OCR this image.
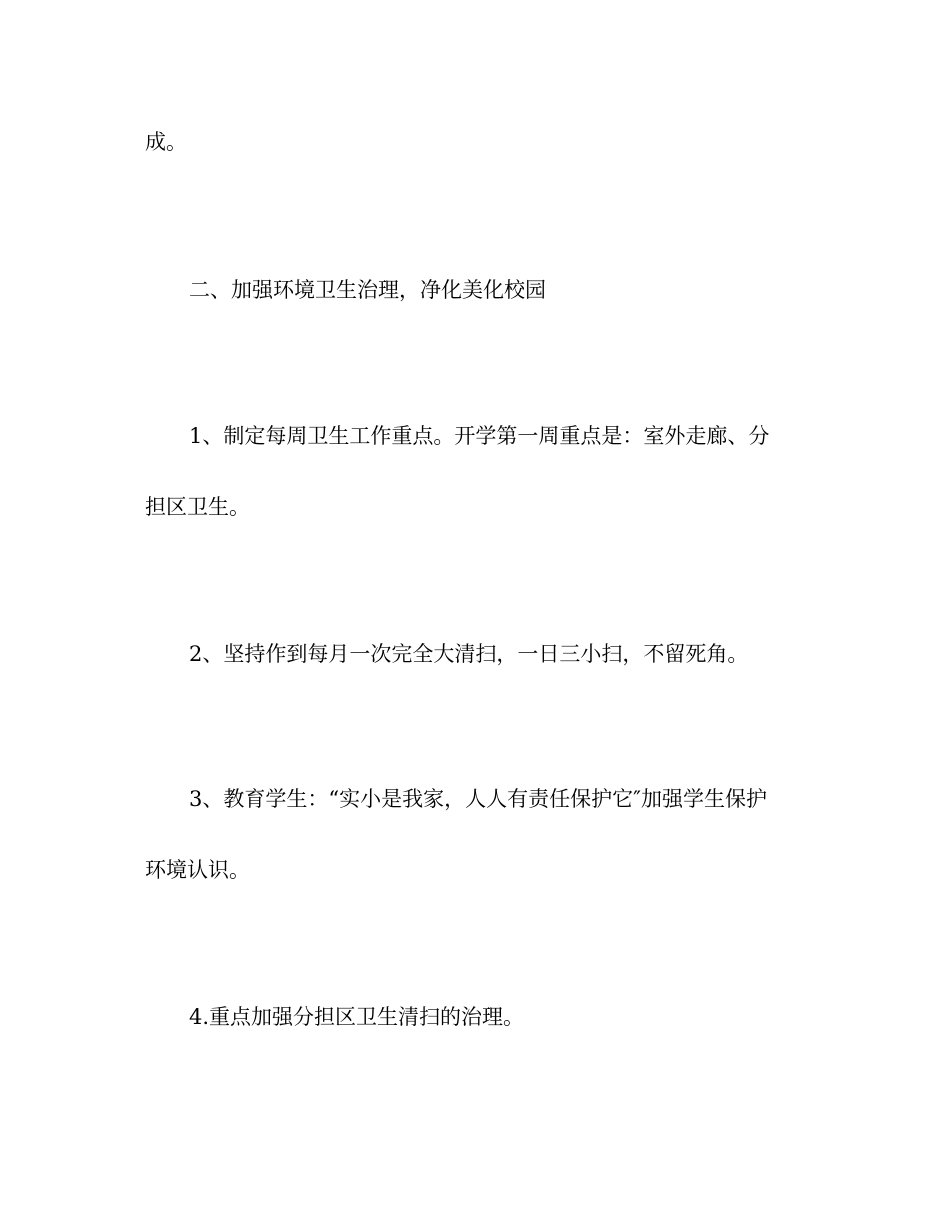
成。

二、加强环境卫生治理，净化美化校园

1、制定每周卫生工作重点。开学第一周重点是：室外走廊、分

担区卫生。

2、坚持作到每月一次完全大清扫，一日三小扫，不留死角。

3、教育学生：“实小是我家，人人有责任保护它″加强学生保护

环境认识。

4.重点加强分担区卫生清扫的治理。
